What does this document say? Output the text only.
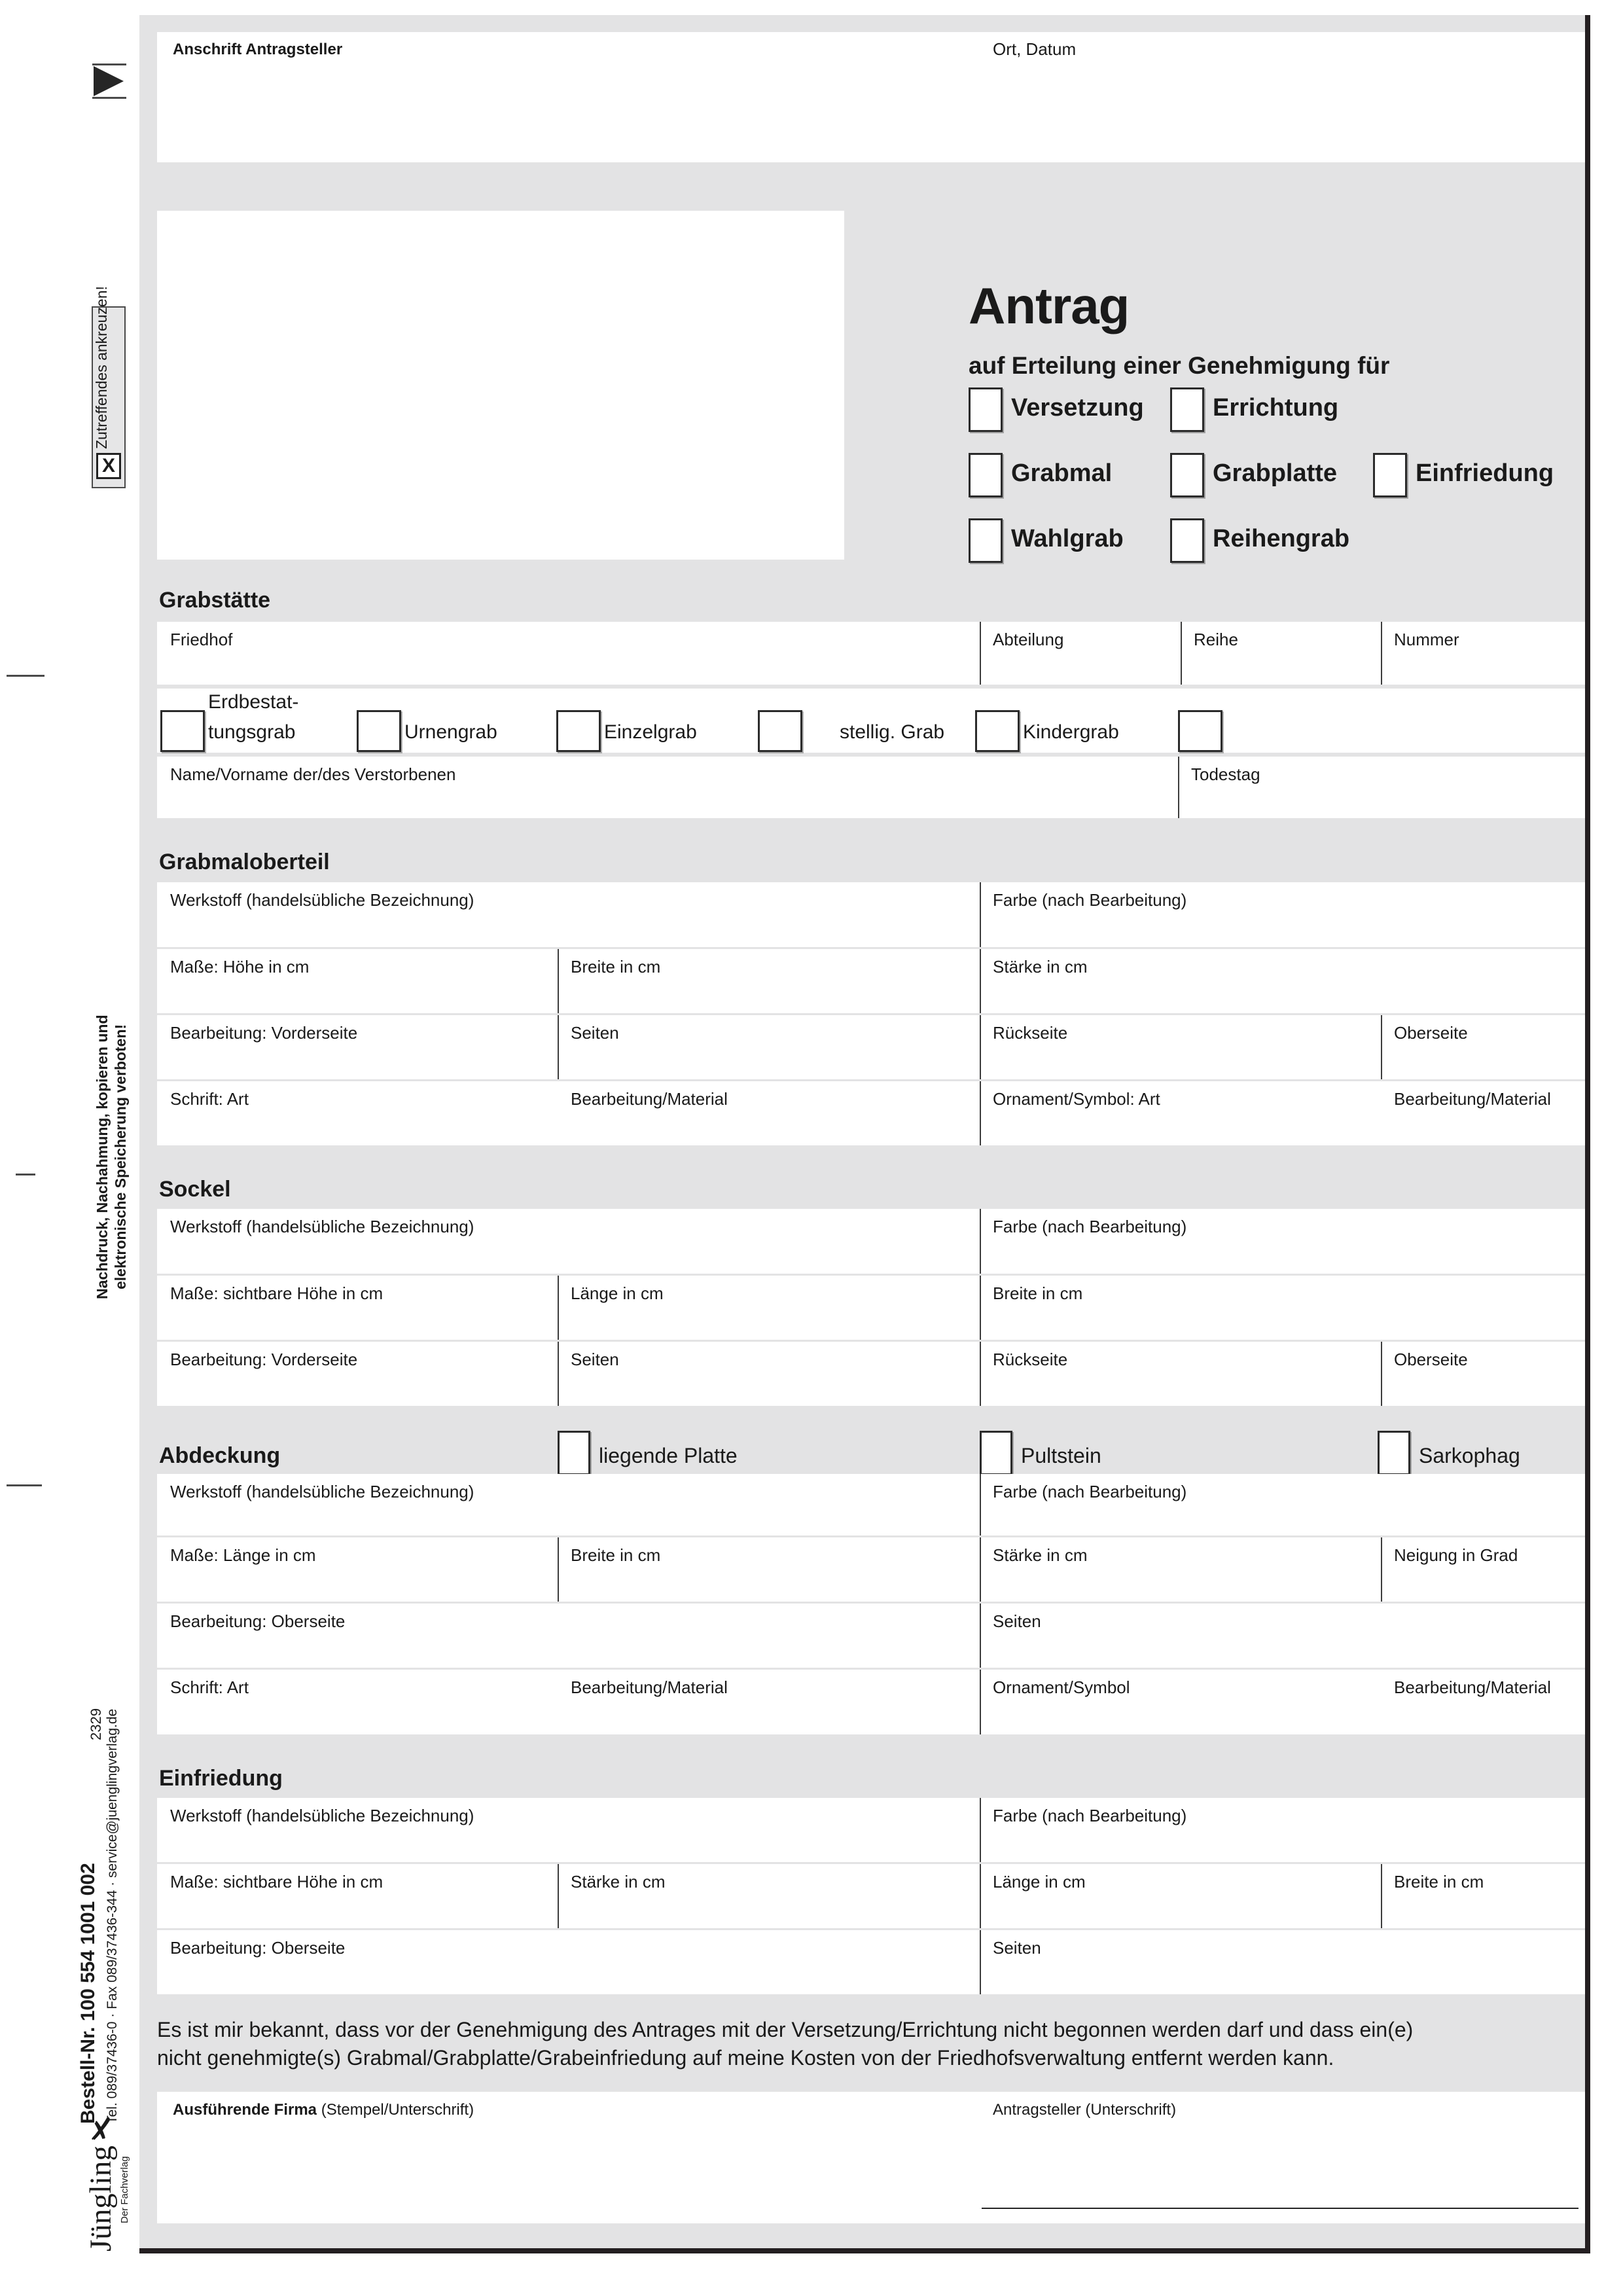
Zutreffendes ankreuzen!
X
Nachdruck, Nachahmung, kopieren und elektronische Speicherung verboten!
2329
Bestell-Nr. 100 554 1001 002 Tel. 089/37436-0 · Fax 089/37436-344 · service@juenglingverlag.de
Jüngling✗
Der Fachverlag
Anschrift Antragsteller	Ort, Datum
Antrag
auf Erteilung einer Genehmigung für
Versetzung	Errichtung
Grabmal	Grabplatte	Einfriedung
Wahlgrab	Reihengrab
Grabstätte
Friedhof	Abteilung	Reihe	Nummer
Erdbestat-
tungsgrab	Urnengrab	Einzelgrab	stellig. Grab	Kindergrab
Name/Vorname der/des Verstorbenen	Todestag
Grabmaloberteil
Werkstoff (handelsübliche Bezeichnung)	Farbe (nach Bearbeitung)
Maße: Höhe in cm	Breite in cm	Stärke in cm
Bearbeitung: Vorderseite	Seiten	Rückseite	Oberseite
Schrift: Art	Bearbeitung/Material	Ornament/Symbol: Art	Bearbeitung/Material
Sockel
Werkstoff (handelsübliche Bezeichnung)	Farbe (nach Bearbeitung)
Maße: sichtbare Höhe in cm	Länge in cm	Breite in cm
Bearbeitung: Vorderseite	Seiten	Rückseite	Oberseite
Abdeckung	liegende Platte	Pultstein	Sarkophag
Werkstoff (handelsübliche Bezeichnung)	Farbe (nach Bearbeitung)
Maße: Länge in cm	Breite in cm	Stärke in cm	Neigung in Grad
Bearbeitung: Oberseite	Seiten
Schrift: Art	Bearbeitung/Material	Ornament/Symbol	Bearbeitung/Material
Einfriedung
Werkstoff (handelsübliche Bezeichnung)	Farbe (nach Bearbeitung)
Maße: sichtbare Höhe in cm	Stärke in cm	Länge in cm	Breite in cm
Bearbeitung: Oberseite	Seiten
Es ist mir bekannt, dass vor der Genehmigung des Antrages mit der Versetzung/Errichtung nicht begonnen werden darf und dass ein(e)
nicht genehmigte(s) Grabmal/Grabplatte/Grabeinfriedung auf meine Kosten von der Friedhofsverwaltung entfernt werden kann.
Ausführende Firma (Stempel/Unterschrift)	Antragsteller (Unterschrift)
